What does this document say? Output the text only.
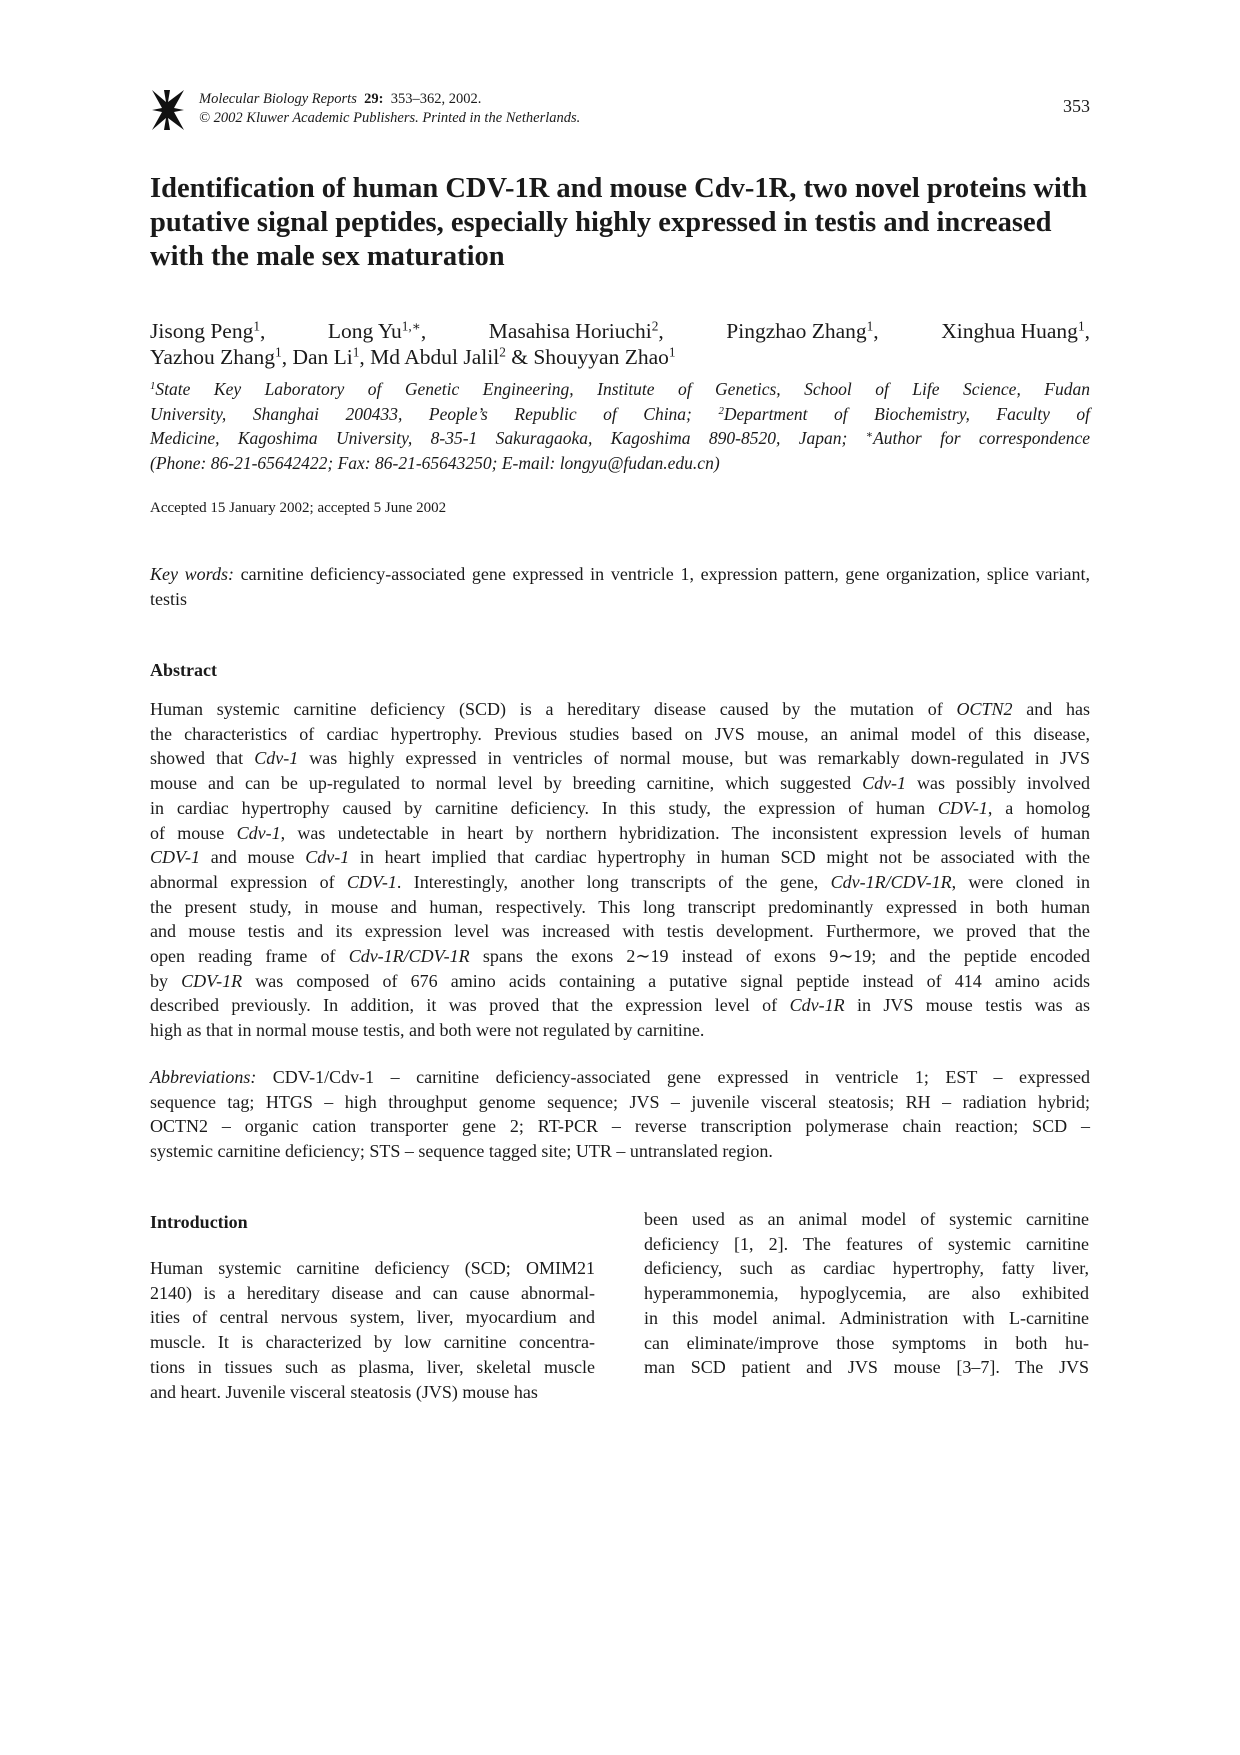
Molecular Biology Reports 29: 353–362, 2002.
© 2002 Kluwer Academic Publishers. Printed in the Netherlands.
353
Identification of human CDV-1R and mouse Cdv-1R, two novel proteins with putative signal peptides, especially highly expressed in testis and increased with the male sex maturation
Jisong Peng$^1$,	Long $Yu^{1,∗}$,	Masahisa Horiuchi$^2$,	Pingzhao Zhang$^1$,	Xinghua Huang$^1$,
Yazhou Zhang$^1$, Dan Li$^1$, Md Abdul Jalil$^2$ & Shouyyan Zhao$^1$
$^1$State Key Laboratory of Genetic Engineering, Institute of Genetics, School of Life Science, Fudan
University, Shanghai 200433, People’s Republic of China; $^2$Department of Biochemistry, Faculty of
Medicine, Kagoshima University, 8-35-1 Sakuragaoka, Kagoshima 890-8520, Japan; ∗Author for correspondence
(Phone: 86-21-65642422; Fax: 86-21-65643250; E-mail: longyu@fudan.edu.cn)
Accepted 15 January 2002; accepted 5 June 2002
Key words: carnitine deficiency-associated gene expressed in ventricle 1, expression pattern, gene organization, splice variant, testis
Abstract
Human systemic carnitine deficiency (SCD) is a hereditary disease caused by the mutation of OCTN2 and has
the characteristics of cardiac hypertrophy. Previous studies based on JVS mouse, an animal model of this disease,
showed that Cdv-1 was highly expressed in ventricles of normal mouse, but was remarkably down-regulated in JVS
mouse and can be up-regulated to normal level by breeding carnitine, which suggested Cdv-1 was possibly involved
in cardiac hypertrophy caused by carnitine deficiency. In this study, the expression of human CDV-1, a homolog
of mouse Cdv-1, was undetectable in heart by northern hybridization. The inconsistent expression levels of human
CDV-1 and mouse Cdv-1 in heart implied that cardiac hypertrophy in human SCD might not be associated with the
abnormal expression of CDV-1. Interestingly, another long transcripts of the gene, Cdv-1R/CDV-1R, were cloned in
the present study, in mouse and human, respectively. This long transcript predominantly expressed in both human
and mouse testis and its expression level was increased with testis development. Furthermore, we proved that the
open reading frame of Cdv-1R/CDV-1R spans the exons 2∼19 instead of exons 9∼19; and the peptide encoded
by CDV-1R was composed of 676 amino acids containing a putative signal peptide instead of 414 amino acids
described previously. In addition, it was proved that the expression level of Cdv-1R in JVS mouse testis was as
high as that in normal mouse testis, and both were not regulated by carnitine.
Abbreviations: CDV-1/Cdv-1 – carnitine deficiency-associated gene expressed in ventricle 1; EST – expressed
sequence tag; HTGS – high throughput genome sequence; JVS – juvenile visceral steatosis; RH – radiation hybrid;
OCTN2 – organic cation transporter gene 2; RT-PCR – reverse transcription polymerase chain reaction; SCD –
systemic carnitine deficiency; STS – sequence tagged site; UTR – untranslated region.
Introduction
Human systemic carnitine deficiency (SCD; OMIM21
2140) is a hereditary disease and can cause abnormal-
ities of central nervous system, liver, myocardium and
muscle. It is characterized by low carnitine concentra-
tions in tissues such as plasma, liver, skeletal muscle
and heart. Juvenile visceral steatosis (JVS) mouse has
been used as an animal model of systemic carnitine
deficiency [1, 2]. The features of systemic carnitine
deficiency, such as cardiac hypertrophy, fatty liver,
hyperammonemia, hypoglycemia, are also exhibited
in this model animal. Administration with L-carnitine
can eliminate/improve those symptoms in both hu-
man SCD patient and JVS mouse [3–7]. The JVS
